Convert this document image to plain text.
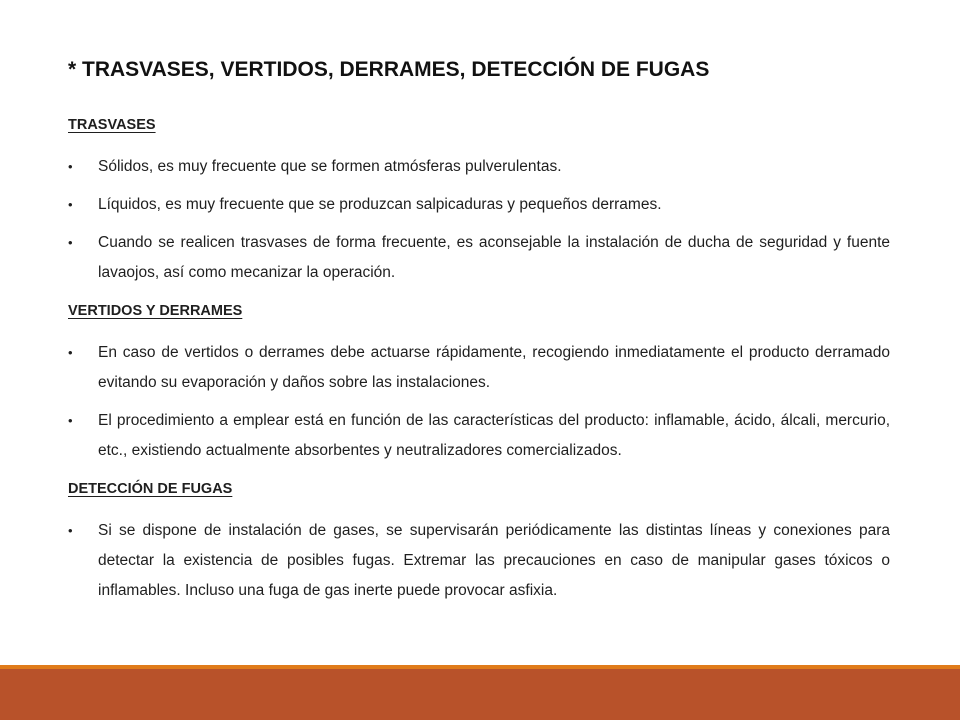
* TRASVASES, VERTIDOS, DERRAMES, DETECCIÓN DE FUGAS

TRASVASES

• Sólidos, es muy frecuente que se formen atmósferas pulverulentas.
• Líquidos, es muy frecuente que se produzcan salpicaduras y pequeños derrames.
• Cuando se realicen trasvases de forma frecuente, es aconsejable la instalación de ducha de seguridad y fuente lavaojos, así como mecanizar la operación.

VERTIDOS Y DERRAMES

• En caso de vertidos o derrames debe actuarse rápidamente, recogiendo inmediatamente el producto derramado evitando su evaporación y daños sobre las instalaciones.
• El procedimiento a emplear está en función de las características del producto: inflamable, ácido, álcali, mercurio, etc., existiendo actualmente absorbentes y neutralizadores comercializados.

DETECCIÓN DE FUGAS

• Si se dispone de instalación de gases, se supervisarán periódicamente las distintas líneas y conexiones para detectar la existencia de posibles fugas. Extremar las precauciones en caso de manipular gases tóxicos o inflamables. Incluso una fuga de gas inerte puede provocar asfixia.
